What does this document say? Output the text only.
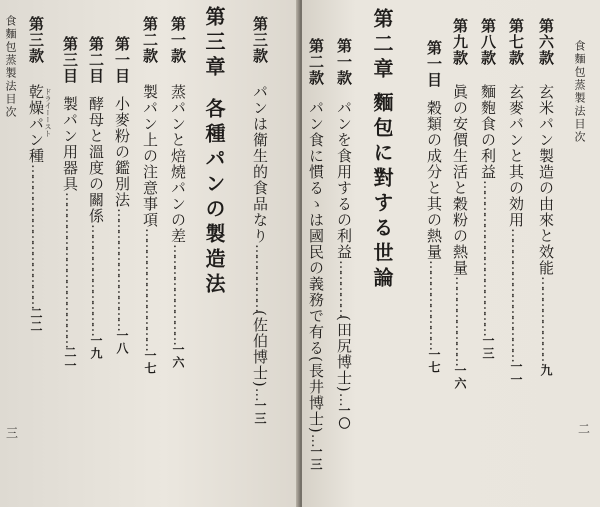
食麵包蒸製法目次
三
第三款
乾燥パン種…………………………………二二
ドライーースト
第三目
製パン用器具……………………………………二一
第二目
酵母と溫度の關係…………………………一九
第一目
小麥粉の鑑別法……………………………一八
第二款
製パン上の注意事項……………………………一七
第一款
蒸パンと焙燒パンの差………………………一六
第三章
各種パンの製造法
第三款
パンは衛生的食品なり………………(佐伯博士)…一三
食麵包蒸製法目次
二
第二款
パン食に慣るゝは國民の義務で有る(長井博士)…一三
第一款
パンを食用するの利益……………(田尻博士)…一〇
第二章
麵包に對する世論
第一目
穀類の成分と其の熱量……………………一七
第九款
眞の安價生活と穀粉の熱量……………………一六
第八款
麵麭食の利益……………………………………一三
第七款
玄麥パンと其の効用………………………………一一
第六款
玄米パン製造の由來と效能……………………九
